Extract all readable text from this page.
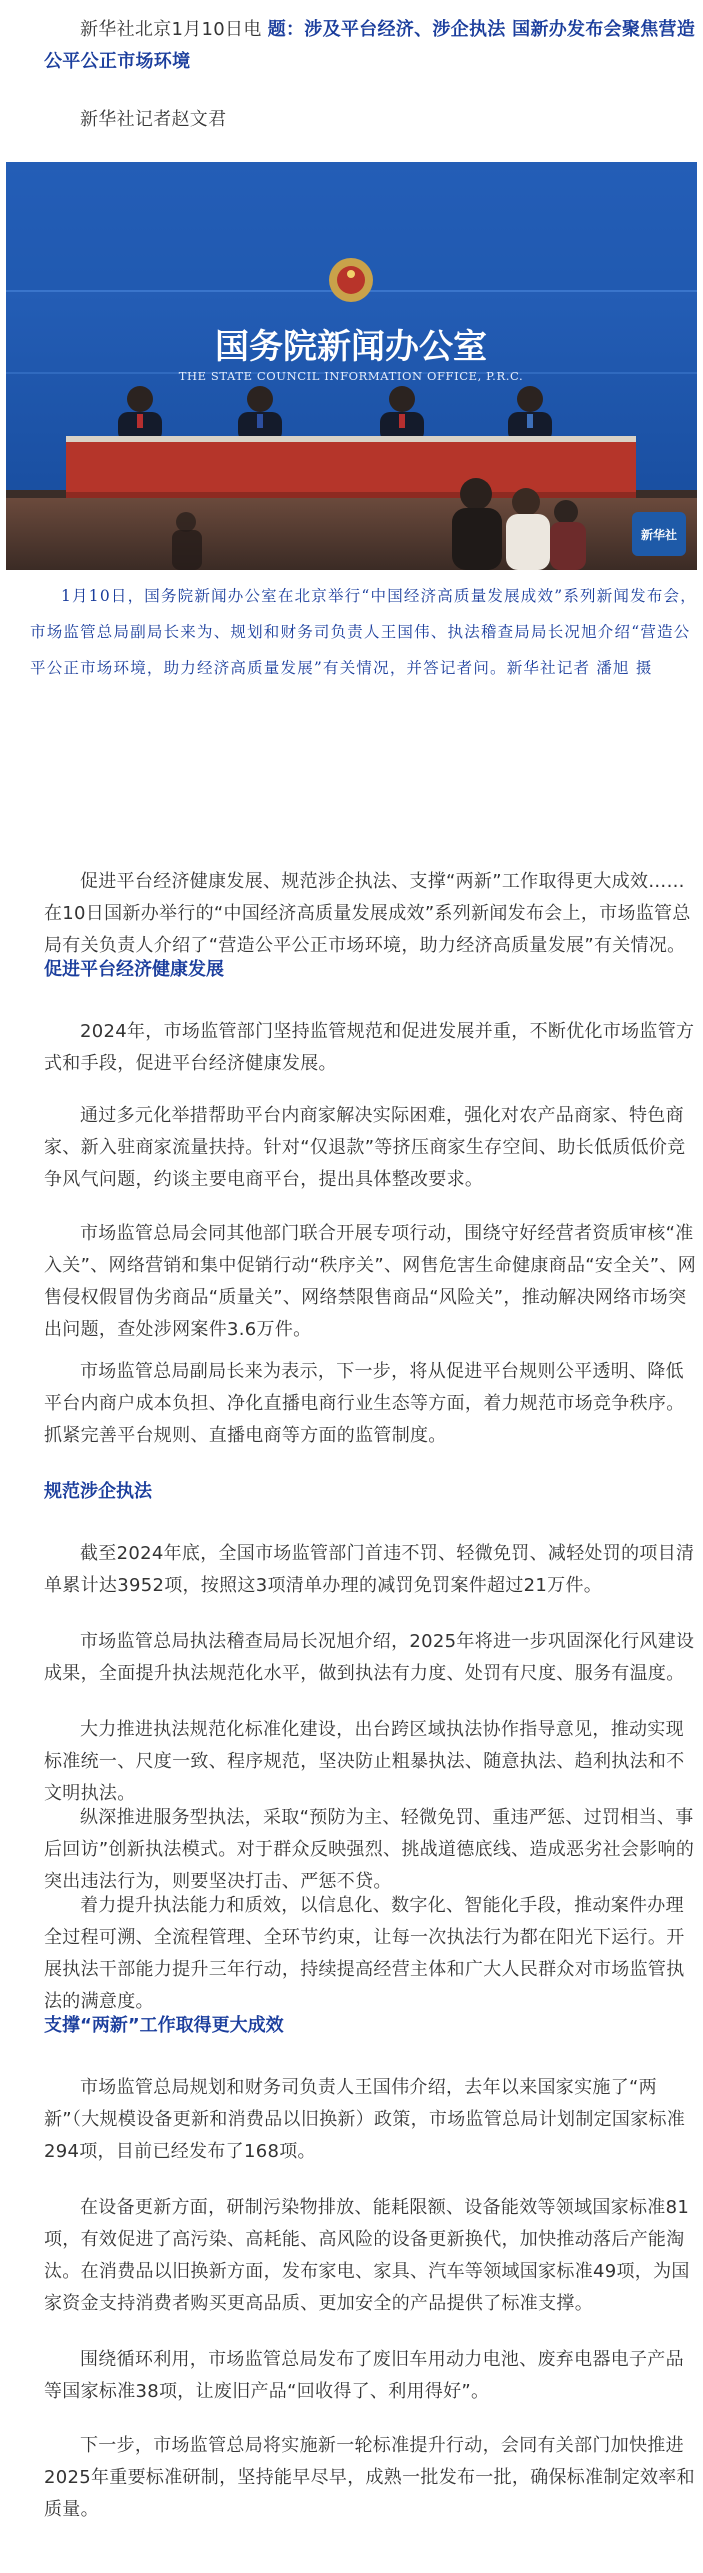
新华社北京1月10日电 题：涉及平台经济、涉企执法 国新办发布会聚焦营造公平公正市场环境

新华社记者赵文君

国务院新闻办公室
THE STATE COUNCIL INFORMATION OFFICE, P.R.C.
新华社

1月10日，国务院新闻办公室在北京举行“中国经济高质量发展成效”系列新闻发布会，市场监管总局副局长来为、规划和财务司负责人王国伟、执法稽查局局长况旭介绍“营造公平公正市场环境，助力经济高质量发展”有关情况，并答记者问。新华社记者 潘旭 摄

促进平台经济健康发展、规范涉企执法、支撑“两新”工作取得更大成效……在10日国新办举行的“中国经济高质量发展成效”系列新闻发布会上，市场监管总局有关负责人介绍了“营造公平公正市场环境，助力经济高质量发展”有关情况。

促进平台经济健康发展

2024年，市场监管部门坚持监管规范和促进发展并重，不断优化市场监管方式和手段，促进平台经济健康发展。

通过多元化举措帮助平台内商家解决实际困难，强化对农产品商家、特色商家、新入驻商家流量扶持。针对“仅退款”等挤压商家生存空间、助长低质低价竞争风气问题，约谈主要电商平台，提出具体整改要求。

市场监管总局会同其他部门联合开展专项行动，围绕守好经营者资质审核“准入关”、网络营销和集中促销行动“秩序关”、网售危害生命健康商品“安全关”、网售侵权假冒伪劣商品“质量关”、网络禁限售商品“风险关”，推动解决网络市场突出问题，查处涉网案件3.6万件。

市场监管总局副局长来为表示，下一步，将从促进平台规则公平透明、降低平台内商户成本负担、净化直播电商行业生态等方面，着力规范市场竞争秩序。抓紧完善平台规则、直播电商等方面的监管制度。

规范涉企执法

截至2024年底，全国市场监管部门首违不罚、轻微免罚、减轻处罚的项目清单累计达3952项，按照这3项清单办理的减罚免罚案件超过21万件。

市场监管总局执法稽查局局长况旭介绍，2025年将进一步巩固深化行风建设成果，全面提升执法规范化水平，做到执法有力度、处罚有尺度、服务有温度。

大力推进执法规范化标准化建设，出台跨区域执法协作指导意见，推动实现标准统一、尺度一致、程序规范，坚决防止粗暴执法、随意执法、趋利执法和不文明执法。

纵深推进服务型执法，采取“预防为主、轻微免罚、重违严惩、过罚相当、事后回访”创新执法模式。对于群众反映强烈、挑战道德底线、造成恶劣社会影响的突出违法行为，则要坚决打击、严惩不贷。

着力提升执法能力和质效，以信息化、数字化、智能化手段，推动案件办理全过程可溯、全流程管理、全环节约束，让每一次执法行为都在阳光下运行。开展执法干部能力提升三年行动，持续提高经营主体和广大人民群众对市场监管执法的满意度。

支撑“两新”工作取得更大成效

市场监管总局规划和财务司负责人王国伟介绍，去年以来国家实施了“两新”（大规模设备更新和消费品以旧换新）政策，市场监管总局计划制定国家标准294项，目前已经发布了168项。

在设备更新方面，研制污染物排放、能耗限额、设备能效等领域国家标准81项，有效促进了高污染、高耗能、高风险的设备更新换代，加快推动落后产能淘汰。在消费品以旧换新方面，发布家电、家具、汽车等领域国家标准49项，为国家资金支持消费者购买更高品质、更加安全的产品提供了标准支撑。

围绕循环利用，市场监管总局发布了废旧车用动力电池、废弃电器电子产品等国家标准38项，让废旧产品“回收得了、利用得好”。

下一步，市场监管总局将实施新一轮标准提升行动，会同有关部门加快推进2025年重要标准研制，坚持能早尽早，成熟一批发布一批，确保标准制定效率和质量。
